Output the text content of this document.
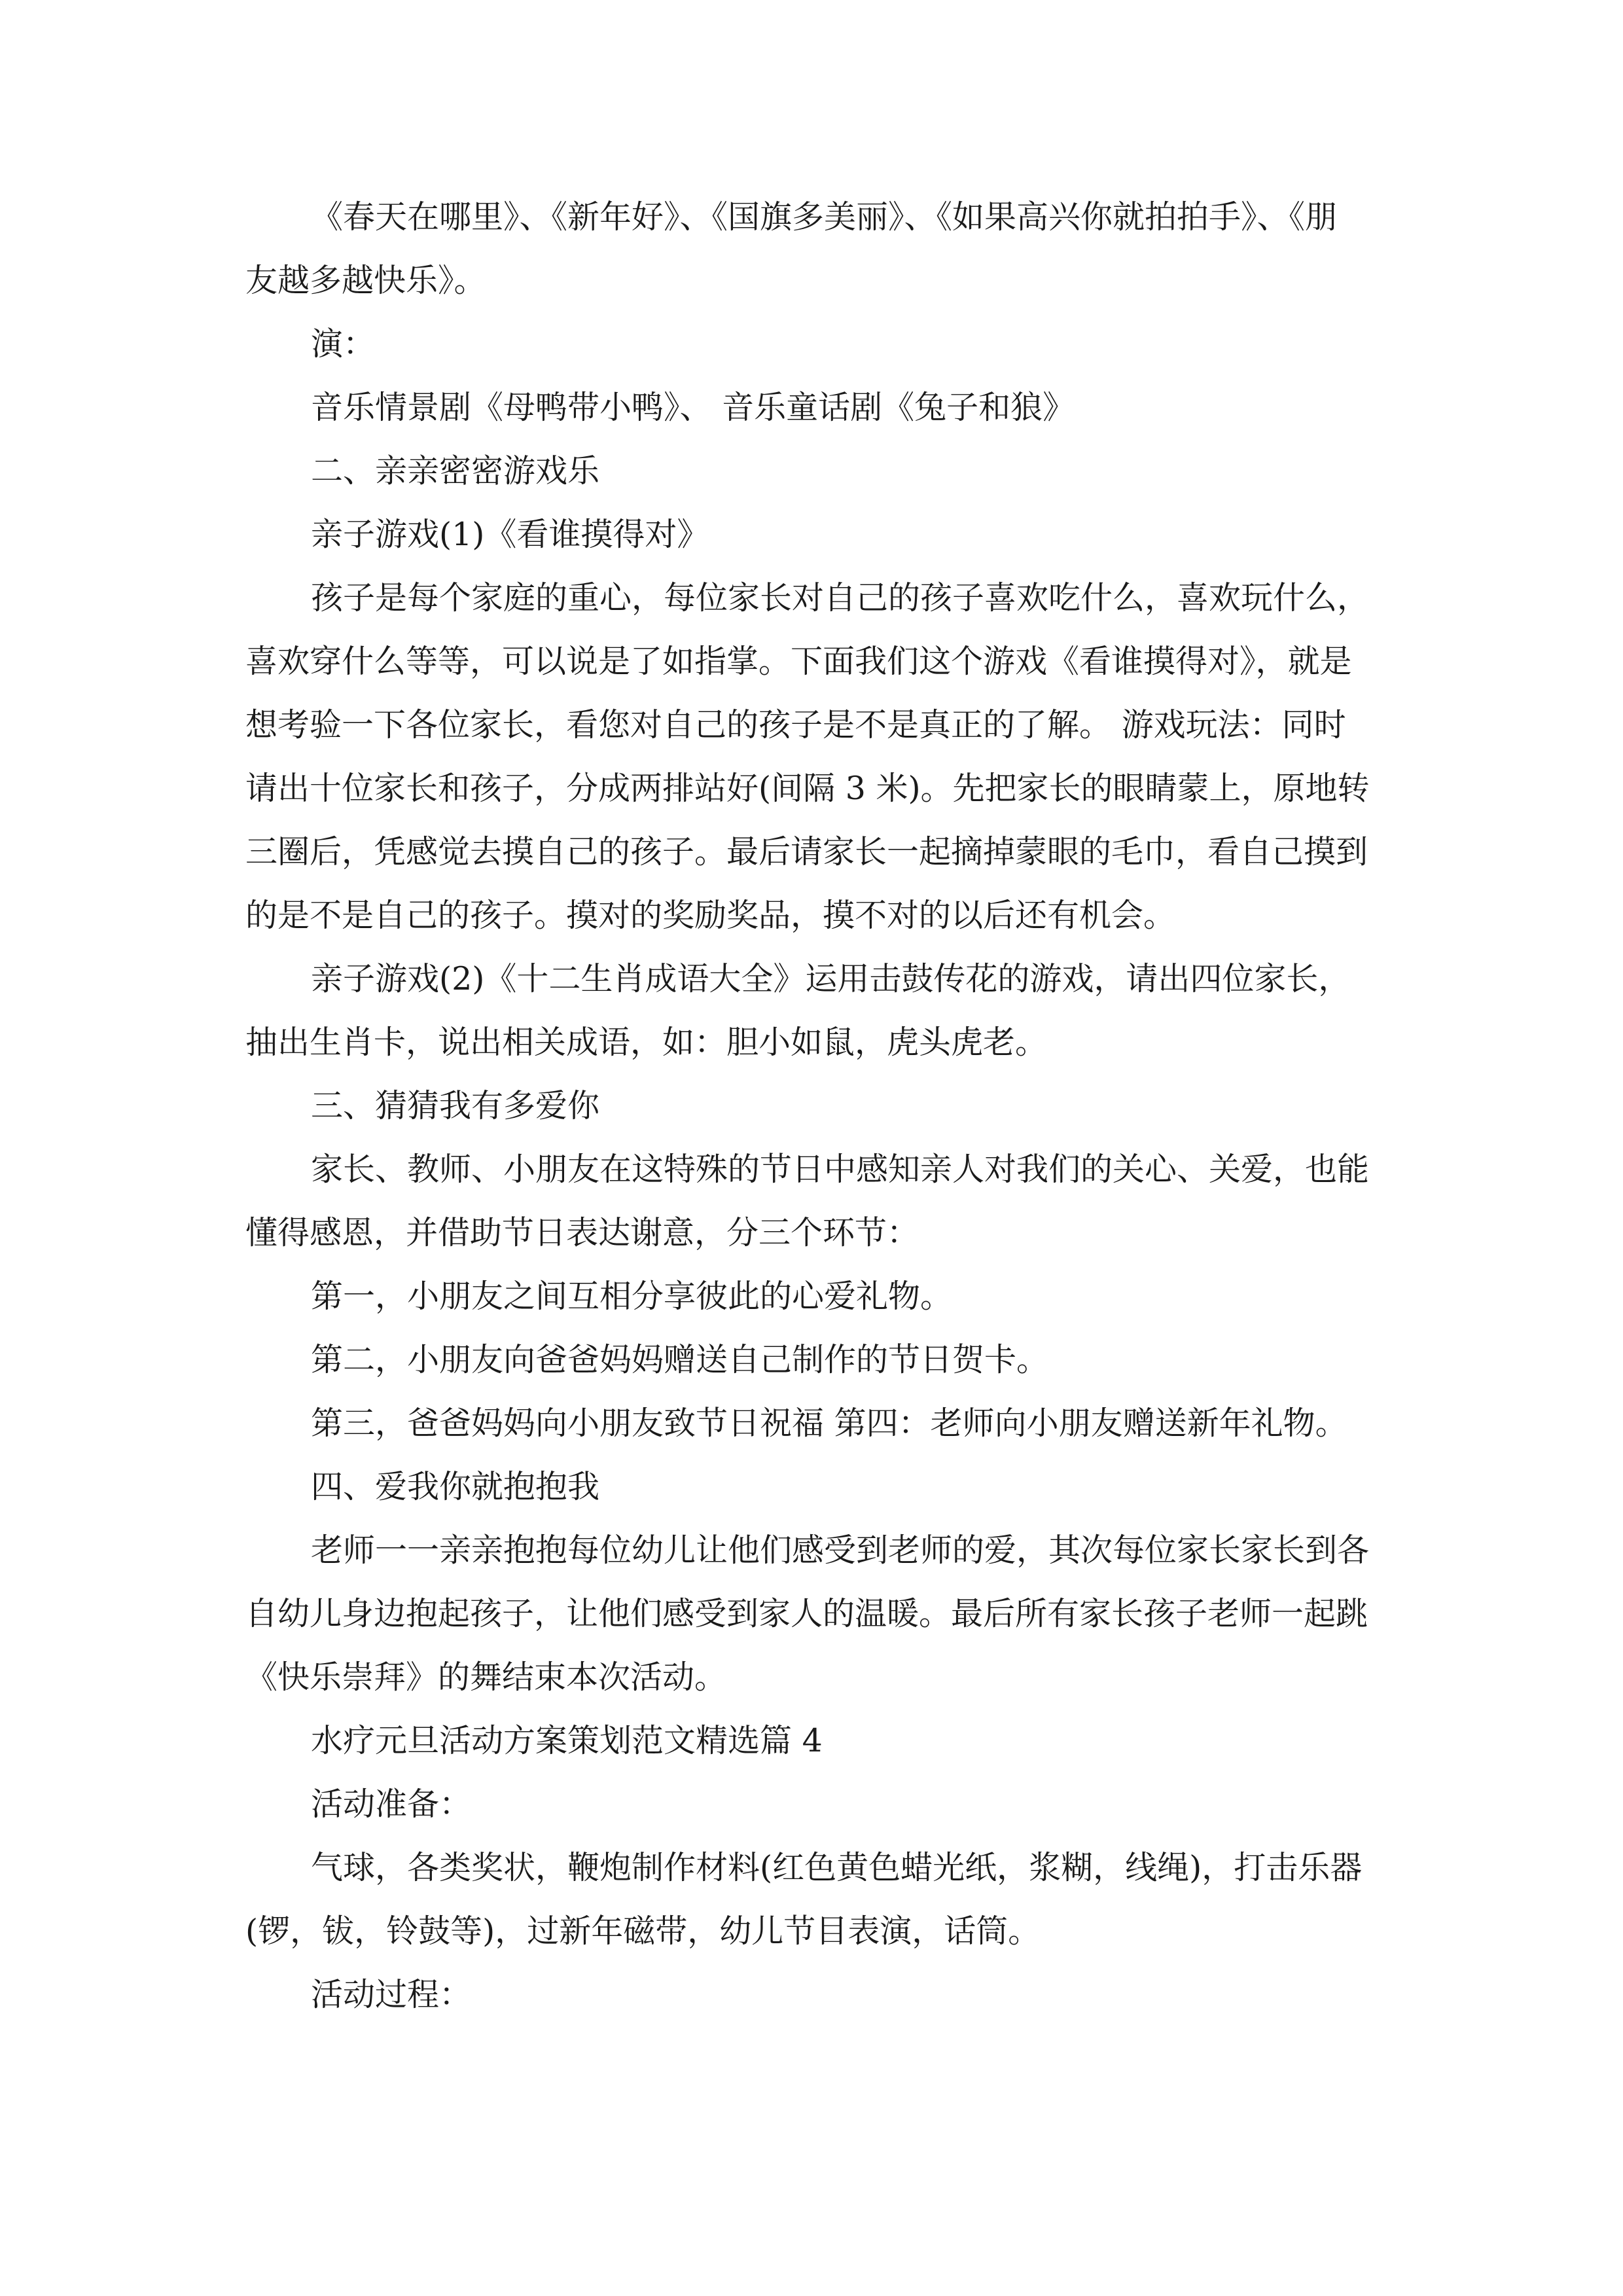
《春天在哪里》、《新年好》、《国旗多美丽》、《如果高兴你就拍拍手》、《朋
友越多越快乐》。
演：
音乐情景剧《母鸭带小鸭》、 音乐童话剧《兔子和狼》
二、亲亲密密游戏乐
亲子游戏(1)《看谁摸得对》
孩子是每个家庭的重心，每位家长对自己的孩子喜欢吃什么，喜欢玩什么，
喜欢穿什么等等，可以说是了如指掌。下面我们这个游戏《看谁摸得对》，就是
想考验一下各位家长，看您对自己的孩子是不是真正的了解。 游戏玩法：同时
请出十位家长和孩子，分成两排站好(间隔 3 米)。先把家长的眼睛蒙上，原地转
三圈后，凭感觉去摸自己的孩子。最后请家长一起摘掉蒙眼的毛巾，看自己摸到
的是不是自己的孩子。摸对的奖励奖品，摸不对的以后还有机会。
亲子游戏(2)《十二生肖成语大全》运用击鼓传花的游戏，请出四位家长，
抽出生肖卡，说出相关成语，如：胆小如鼠，虎头虎老。
三、猜猜我有多爱你
家长、教师、小朋友在这特殊的节日中感知亲人对我们的关心、关爱，也能
懂得感恩，并借助节日表达谢意，分三个环节：
第一，小朋友之间互相分享彼此的心爱礼物。
第二，小朋友向爸爸妈妈赠送自己制作的节日贺卡。
第三，爸爸妈妈向小朋友致节日祝福 第四：老师向小朋友赠送新年礼物。
四、爱我你就抱抱我
老师一一亲亲抱抱每位幼儿让他们感受到老师的爱，其次每位家长家长到各
自幼儿身边抱起孩子，让他们感受到家人的温暖。最后所有家长孩子老师一起跳
《快乐崇拜》的舞结束本次活动。
水疗元旦活动方案策划范文精选篇 4
活动准备：
气球，各类奖状，鞭炮制作材料(红色黄色蜡光纸，浆糊，线绳)，打击乐器
(锣，钹，铃鼓等)，过新年磁带，幼儿节目表演，话筒。
活动过程：
